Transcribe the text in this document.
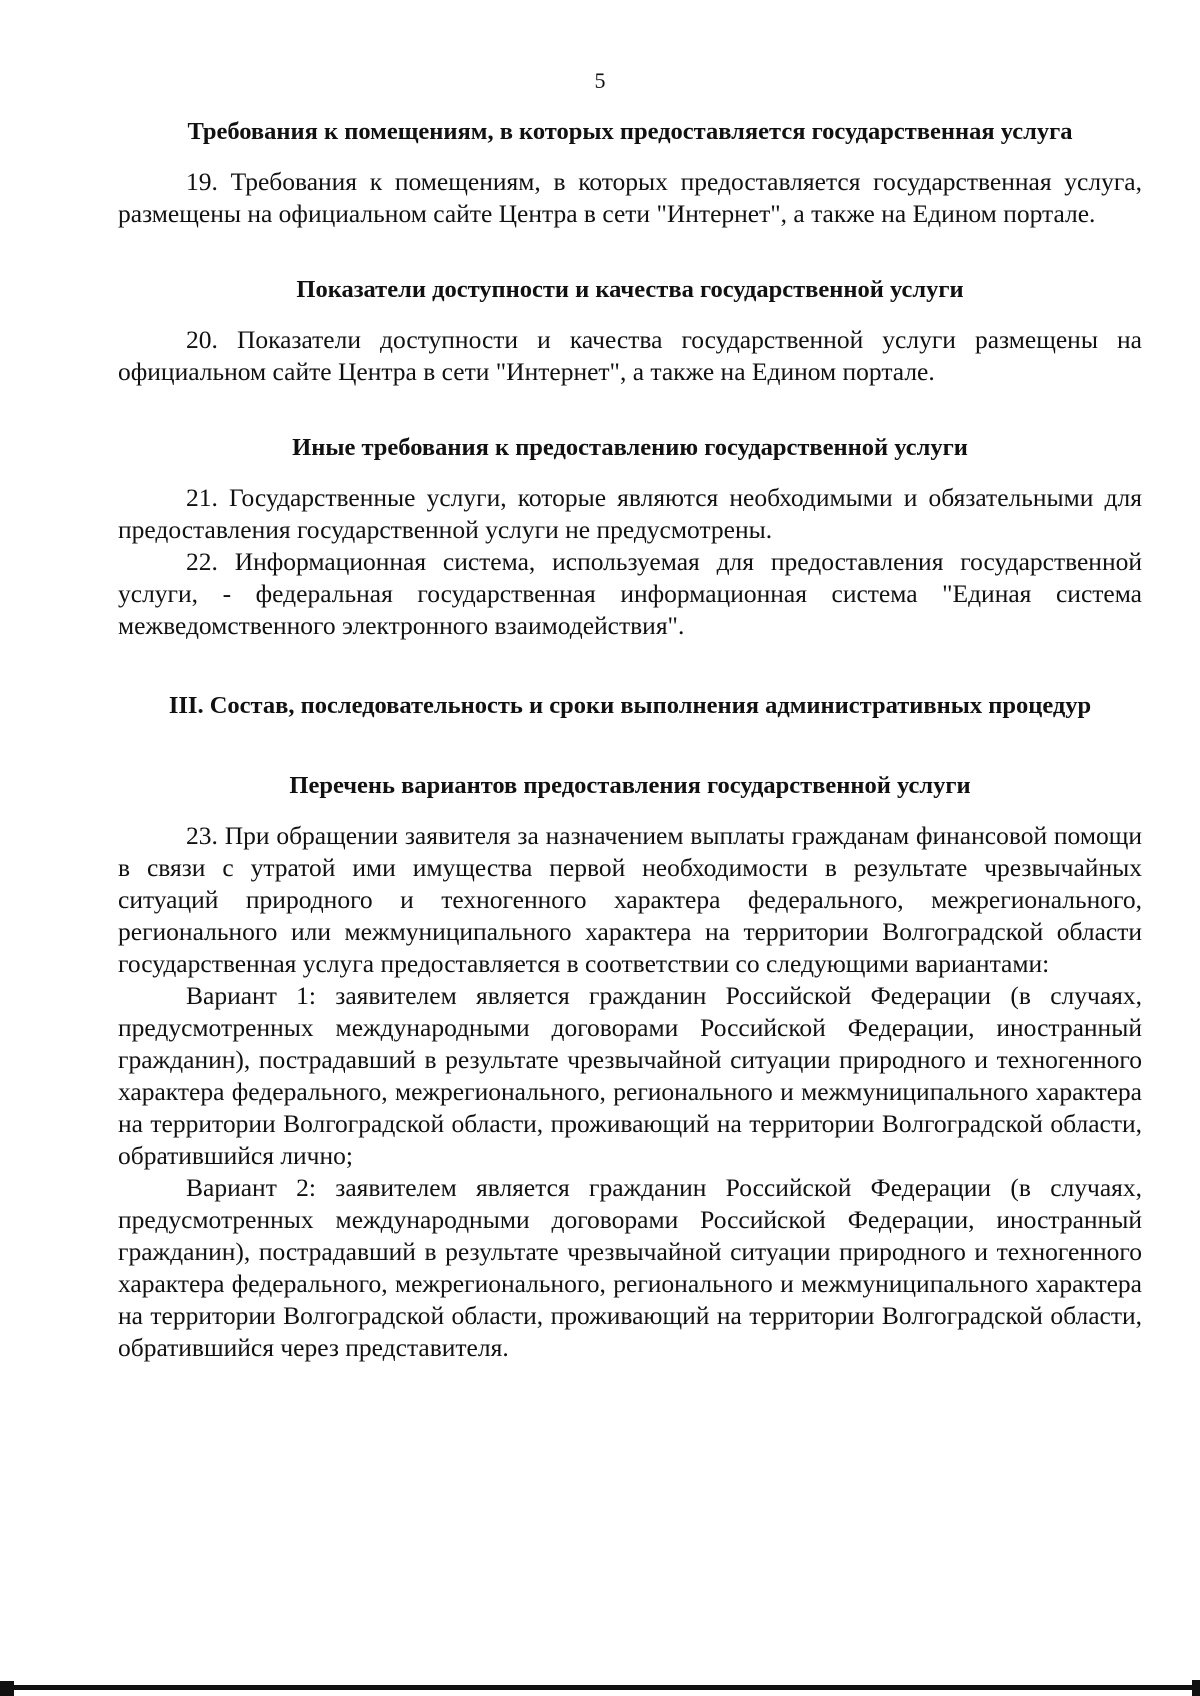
5
Требования к помещениям, в которых предоставляется государственная услуга

19. Требования к помещениям, в которых предоставляется государственная услуга, размещены на официальном сайте Центра в сети "Интернет", а также на Едином портале.

Показатели доступности и качества государственной услуги

20. Показатели доступности и качества государственной услуги размещены на официальном сайте Центра в сети "Интернет", а также на Едином портале.

Иные требования к предоставлению государственной услуги

21. Государственные услуги, которые являются необходимыми и обязательными для предоставления государственной услуги не предусмотрены.

22. Информационная система, используемая для предоставления государственной услуги, - федеральная государственная информационная система "Единая система межведомственного электронного взаимодействия".

III. Состав, последовательность и сроки выполнения административных процедур
Перечень вариантов предоставления государственной услуги

23. При обращении заявителя за назначением выплаты гражданам финансовой помощи в связи с утратой ими имущества первой необходимости в результате чрезвычайных ситуаций природного и техногенного характера федерального, межрегионального, регионального или межмуниципального характера на территории Волгоградской области государственная услуга предоставляется в соответствии со следующими вариантами:

Вариант 1: заявителем является гражданин Российской Федерации (в случаях, предусмотренных международными договорами Российской Федерации, иностранный гражданин), пострадавший в результате чрезвычайной ситуации природного и техногенного характера федерального, межрегионального, регионального и межмуниципального характера на территории Волгоградской области, проживающий на территории Волгоградской области, обратившийся лично;

Вариант 2: заявителем является гражданин Российской Федерации (в случаях, предусмотренных международными договорами Российской Федерации, иностранный гражданин), пострадавший в результате чрезвычайной ситуации природного и техногенного характера федерального, межрегионального, регионального и межмуниципального характера на территории Волгоградской области, проживающий на территории Волгоградской области, обратившийся через представителя.
